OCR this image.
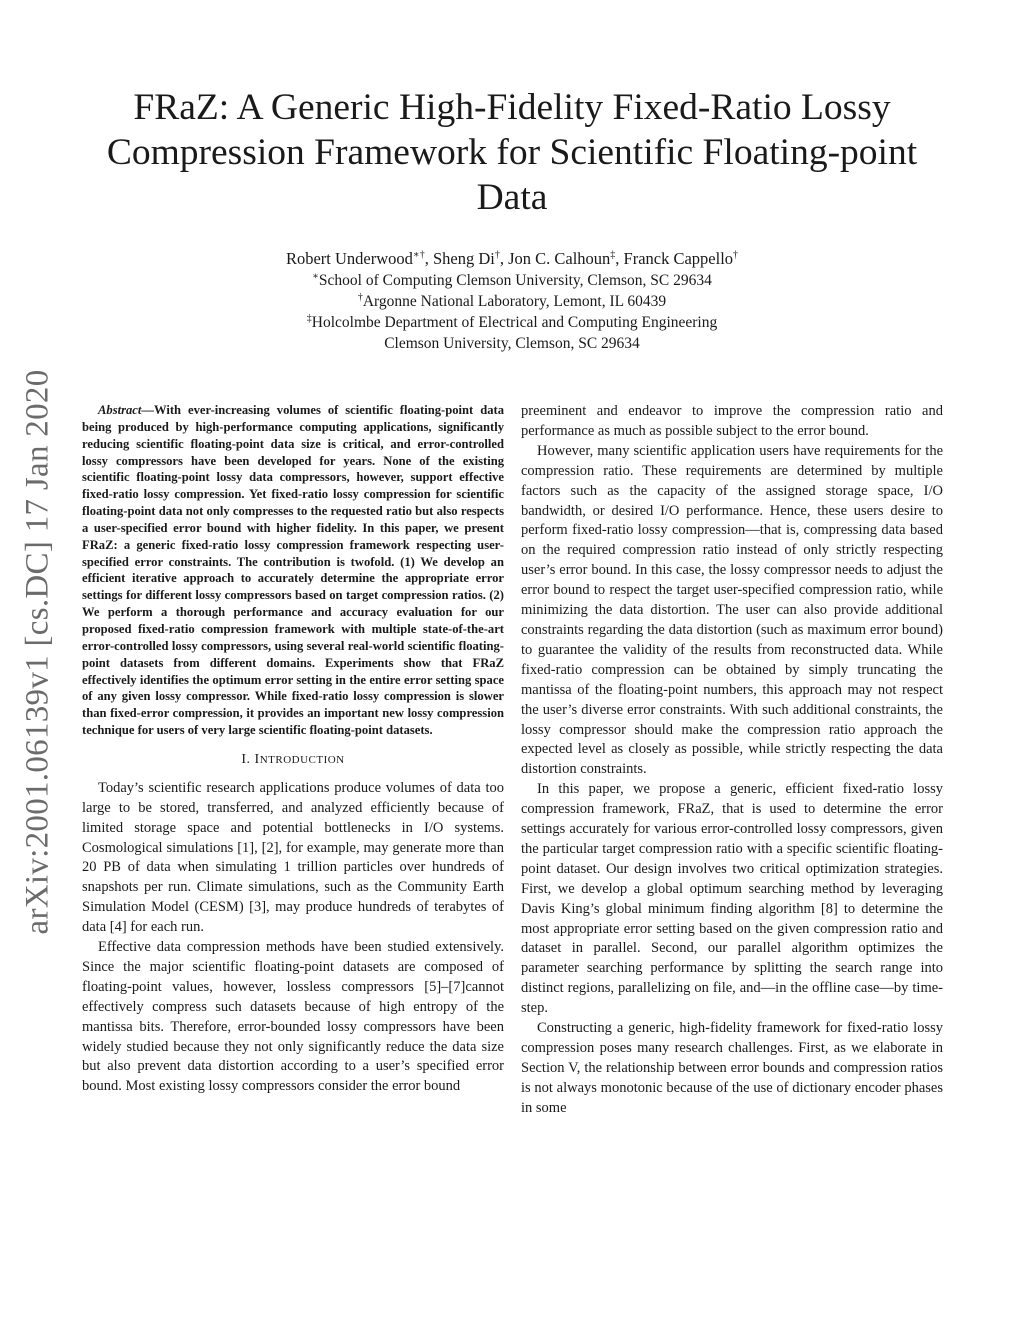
arXiv:2001.06139v1 [cs.DC] 17 Jan 2020
FRaZ: A Generic High-Fidelity Fixed-Ratio Lossy Compression Framework for Scientific Floating-point Data
Robert Underwood∗†, Sheng Di†, Jon C. Calhoun‡, Franck Cappello†
∗School of Computing Clemson University, Clemson, SC 29634
†Argonne National Laboratory, Lemont, IL 60439
‡Holcolmbe Department of Electrical and Computing Engineering
Clemson University, Clemson, SC 29634

Abstract—With ever-increasing volumes of scientific floating-point data being produced by high-performance computing applications, significantly reducing scientific floating-point data size is critical, and error-controlled lossy compressors have been developed for years. None of the existing scientific floating-point lossy data compressors, however, support effective fixed-ratio lossy compression. Yet fixed-ratio lossy compression for scientific floating-point data not only compresses to the requested ratio but also respects a user-specified error bound with higher fidelity. In this paper, we present FRaZ: a generic fixed-ratio lossy compression framework respecting user-specified error constraints. The contribution is twofold. (1) We develop an efficient iterative approach to accurately determine the appropriate error settings for different lossy compressors based on target compression ratios. (2) We perform a thorough performance and accuracy evaluation for our proposed fixed-ratio compression framework with multiple state-of-the-art error-controlled lossy compressors, using several real-world scientific floating-point datasets from different domains. Experiments show that FRaZ effectively identifies the optimum error setting in the entire error setting space of any given lossy compressor. While fixed-ratio lossy compression is slower than fixed-error compression, it provides an important new lossy compression technique for users of very large scientific floating-point datasets.

I. INTRODUCTION

Today’s scientific research applications produce volumes of data too large to be stored, transferred, and analyzed efficiently because of limited storage space and potential bottlenecks in I/O systems. Cosmological simulations [1], [2], for example, may generate more than 20 PB of data when simulating 1 trillion particles over hundreds of snapshots per run. Climate simulations, such as the Community Earth Simulation Model (CESM) [3], may produce hundreds of terabytes of data [4] for each run.

Effective data compression methods have been studied extensively. Since the major scientific floating-point datasets are composed of floating-point values, however, lossless compressors [5]–[7]cannot effectively compress such datasets because of high entropy of the mantissa bits. Therefore, error-bounded lossy compressors have been widely studied because they not only significantly reduce the data size but also prevent data distortion according to a user’s specified error bound. Most existing lossy compressors consider the error bound

preeminent and endeavor to improve the compression ratio and performance as much as possible subject to the error bound.

However, many scientific application users have requirements for the compression ratio. These requirements are determined by multiple factors such as the capacity of the assigned storage space, I/O bandwidth, or desired I/O performance. Hence, these users desire to perform fixed-ratio lossy compression—that is, compressing data based on the required compression ratio instead of only strictly respecting user’s error bound. In this case, the lossy compressor needs to adjust the error bound to respect the target user-specified compression ratio, while minimizing the data distortion. The user can also provide additional constraints regarding the data distortion (such as maximum error bound) to guarantee the validity of the results from reconstructed data. While fixed-ratio compression can be obtained by simply truncating the mantissa of the floating-point numbers, this approach may not respect the user’s diverse error constraints. With such additional constraints, the lossy compressor should make the compression ratio approach the expected level as closely as possible, while strictly respecting the data distortion constraints.

In this paper, we propose a generic, efficient fixed-ratio lossy compression framework, FRaZ, that is used to determine the error settings accurately for various error-controlled lossy compressors, given the particular target compression ratio with a specific scientific floating-point dataset. Our design involves two critical optimization strategies. First, we develop a global optimum searching method by leveraging Davis King’s global minimum finding algorithm [8] to determine the most appropriate error setting based on the given compression ratio and dataset in parallel. Second, our parallel algorithm optimizes the parameter searching performance by splitting the search range into distinct regions, parallelizing on file, and—in the offline case—by time-step.

Constructing a generic, high-fidelity framework for fixed-ratio lossy compression poses many research challenges. First, as we elaborate in Section V, the relationship between error bounds and compression ratios is not always monotonic because of the use of dictionary encoder phases in some
